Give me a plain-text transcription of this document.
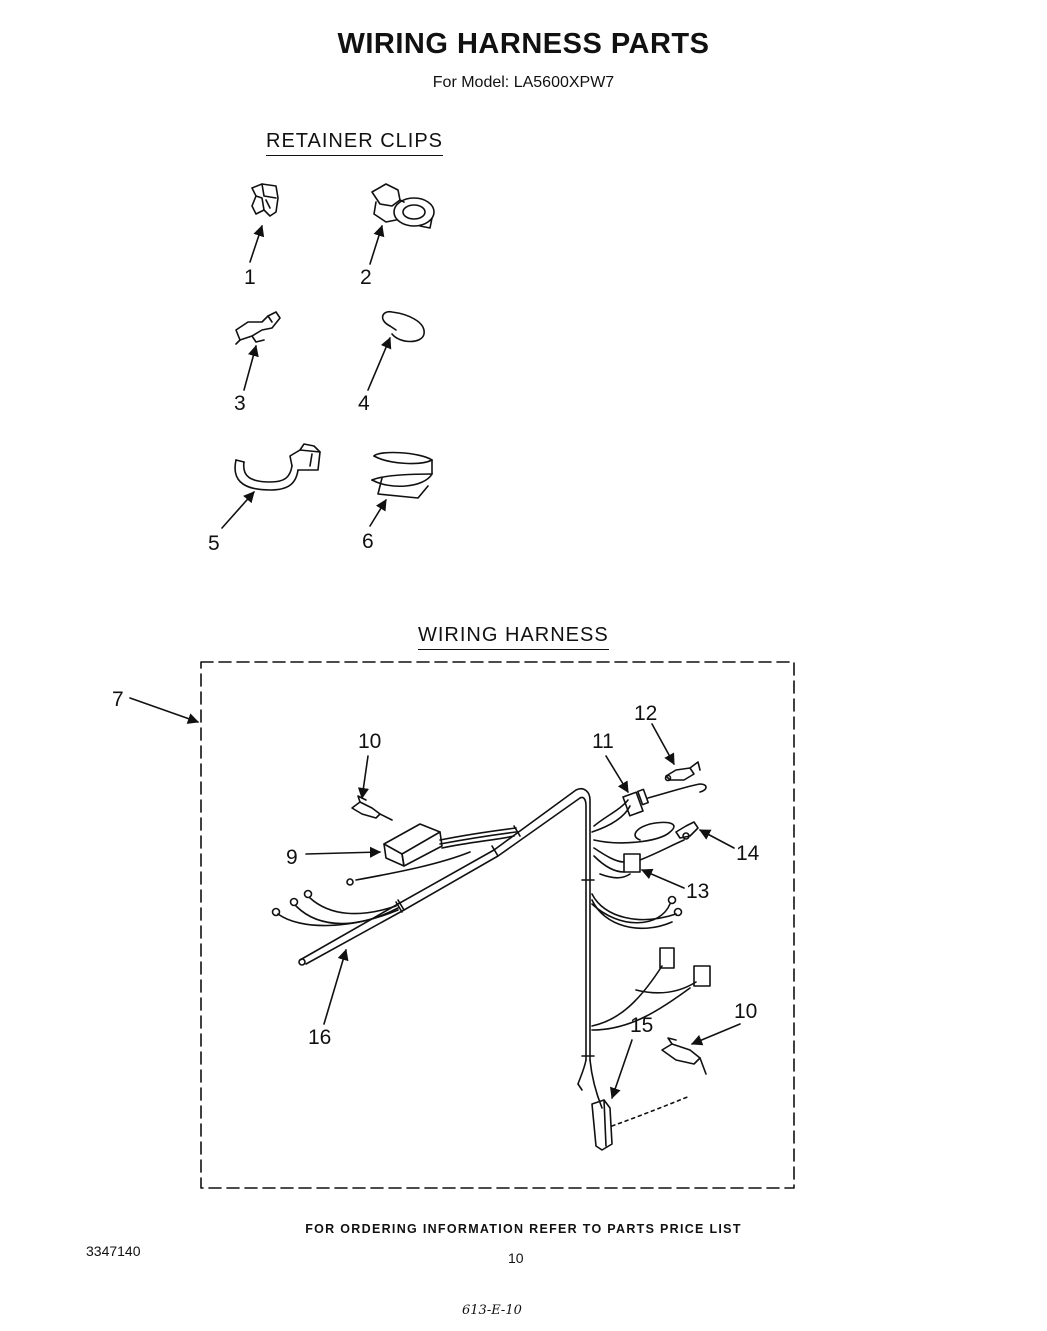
WIRING HARNESS PARTS
For Model: LA5600XPW7
RETAINER CLIPS
WIRING HARNESS
1	2
3	4
5	6
7
9
10	11
12
13
14
10
15
16
FOR ORDERING INFORMATION REFER TO PARTS PRICE LIST
3347140	10
613-E-10
